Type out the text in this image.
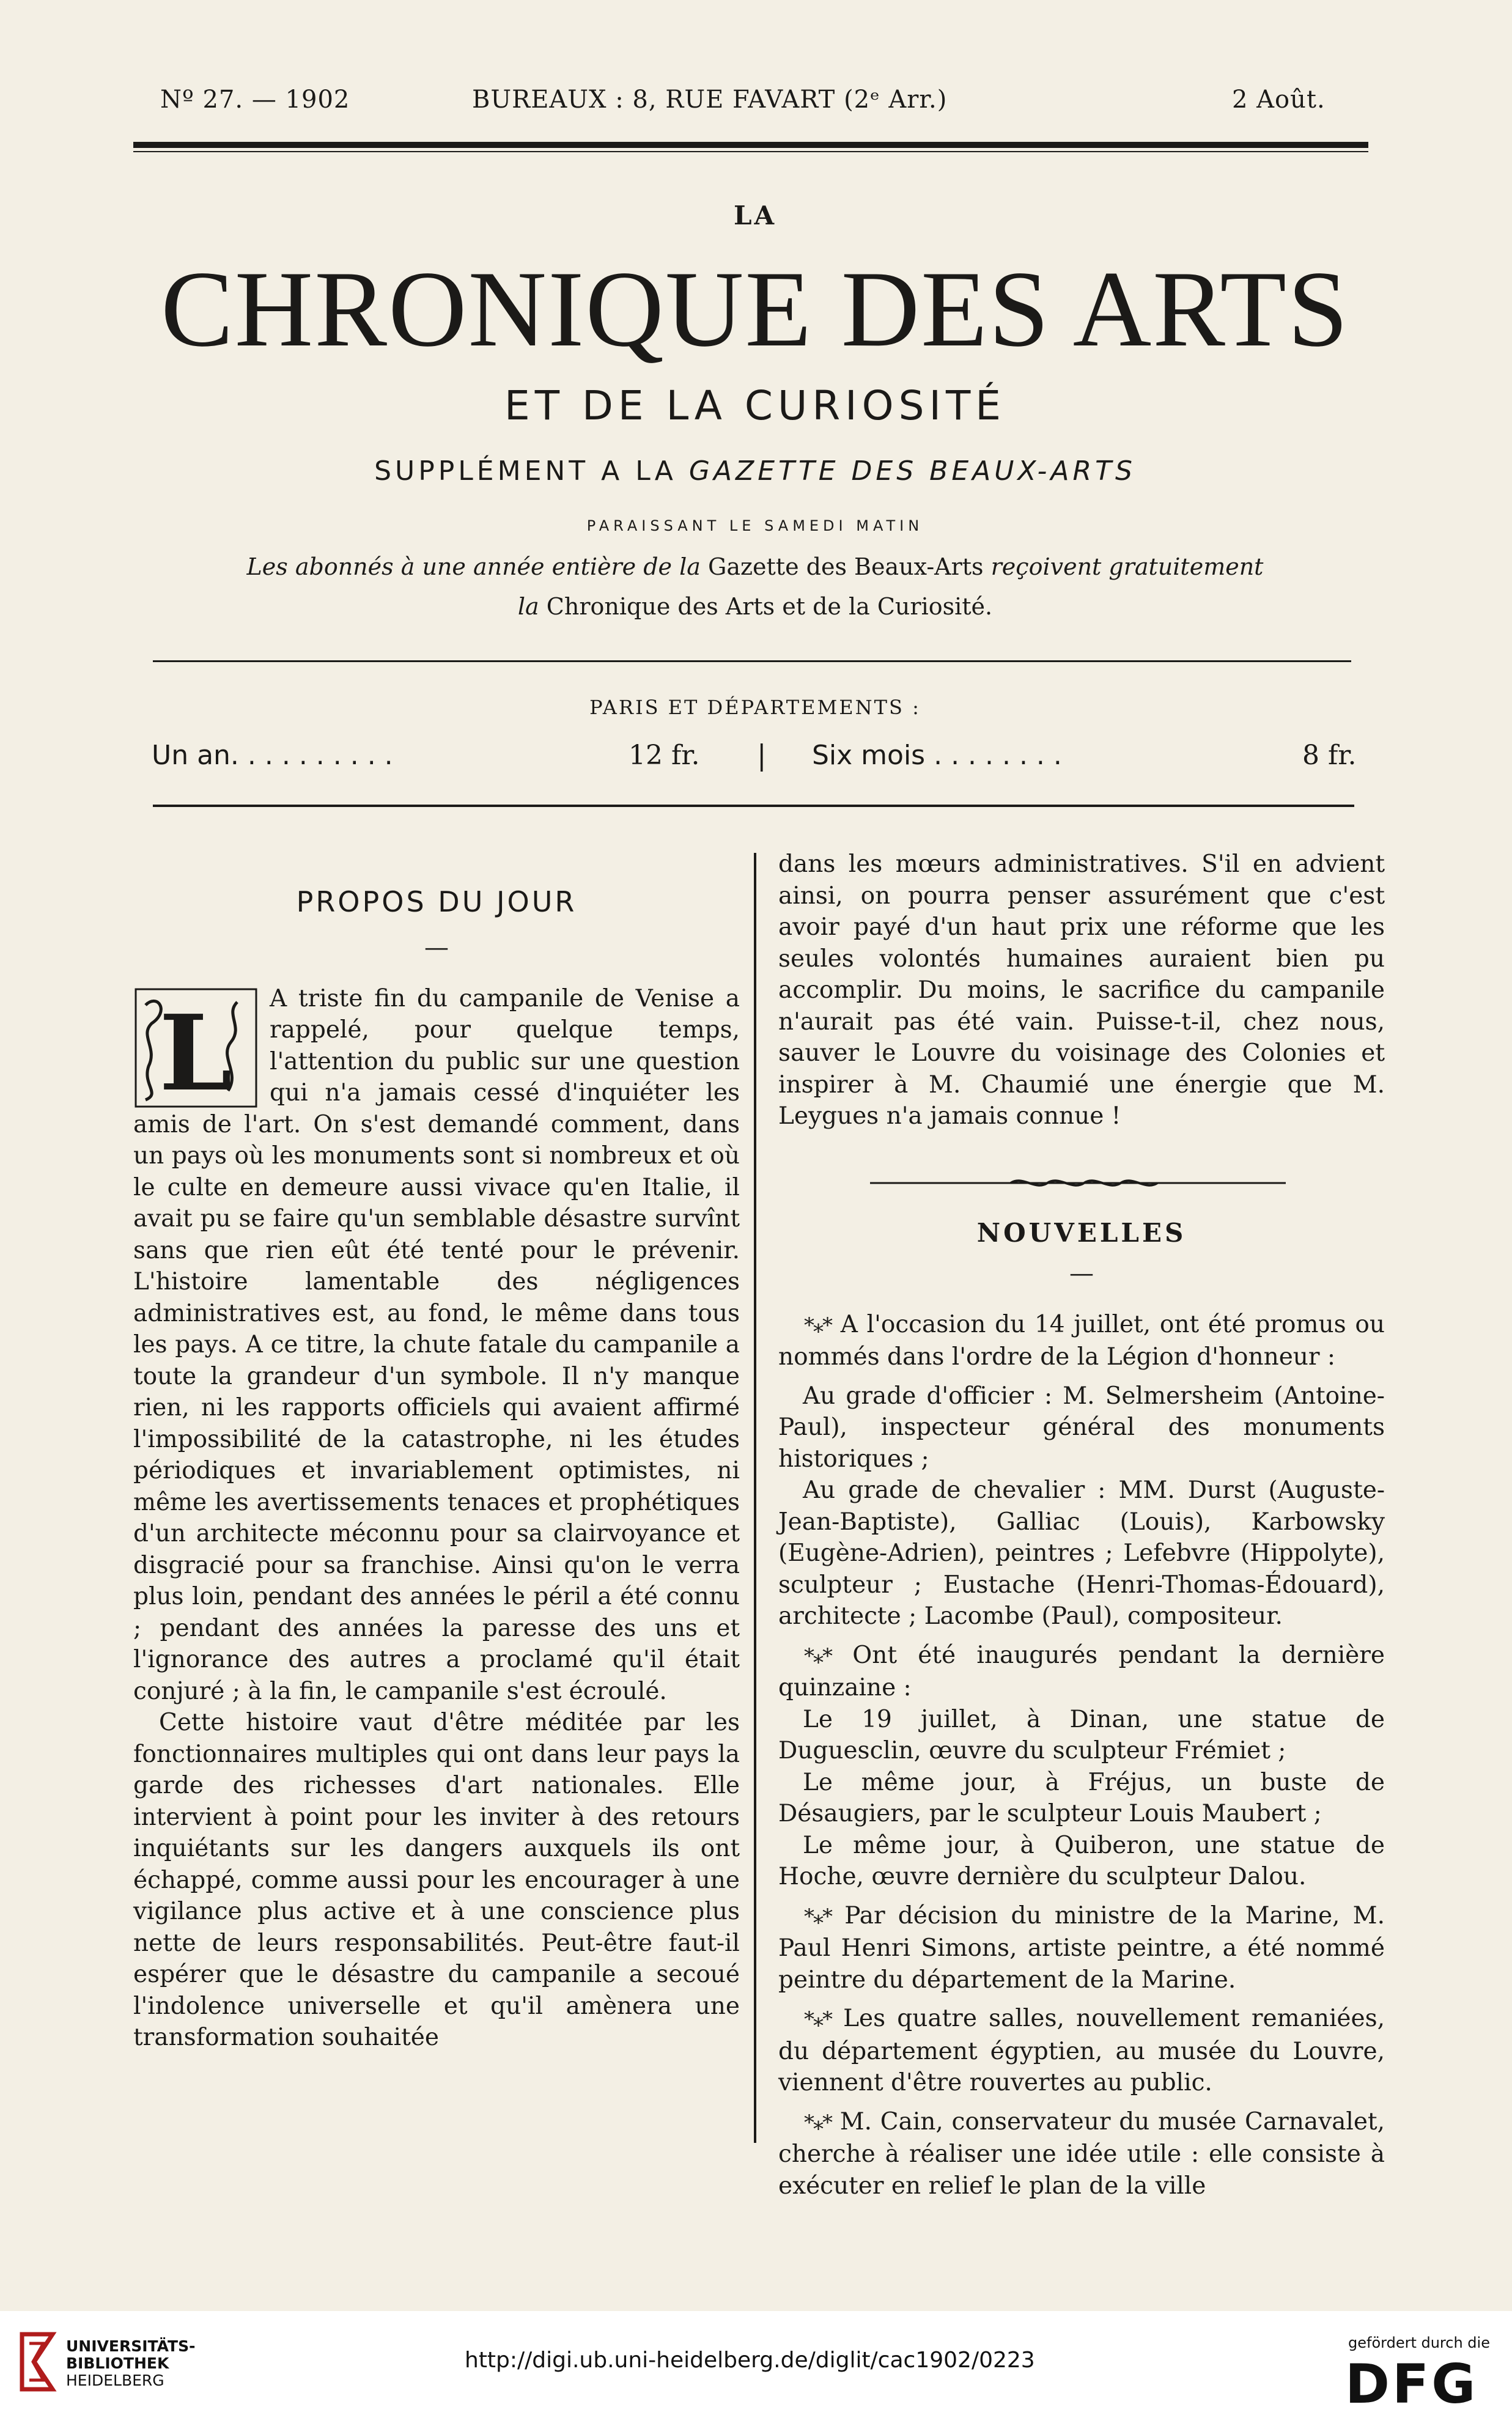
Nº 27. — 1902	BUREAUX : 8, RUE FAVART (2ᵉ Arr.)	2 Août.
LA
CHRONIQUE DES ARTS
ET DE LA CURIOSITÉ
SUPPLÉMENT A LA GAZETTE DES BEAUX-ARTS
PARAISSANT LE SAMEDI MATIN
Les abonnés à une année entière de la Gazette des Beaux-Arts reçoivent gratuitement
la Chronique des Arts et de la Curiosité.
PARIS ET DÉPARTEMENTS :
Un an. . . . . . . . . .	12 fr. | Six mois . . . . . . . .	8 fr.
PROPOS DU JOUR
—

L A triste fin du campanile de Venise a rappelé, pour quelque temps, l'attention du public sur une question qui n'a jamais cessé d'inquiéter les amis de l'art. On s'est demandé comment, dans un pays où les monuments sont si nombreux et où le culte en demeure aussi vivace qu'en Italie, il avait pu se faire qu'un semblable désastre survînt sans que rien eût été tenté pour le prévenir. L'histoire lamentable des négligences administratives est, au fond, le même dans tous les pays. A ce titre, la chute fatale du campanile a toute la grandeur d'un symbole. Il n'y manque rien, ni les rapports officiels qui avaient affirmé l'impossibilité de la catastrophe, ni les études périodiques et invariablement optimistes, ni même les avertissements tenaces et prophétiques d'un architecte méconnu pour sa clairvoyance et disgracié pour sa franchise. Ainsi qu'on le verra plus loin, pendant des années le péril a été connu ; pendant des années la paresse des uns et l'ignorance des autres a proclamé qu'il était conjuré ; à la fin, le campanile s'est écroulé.

Cette histoire vaut d'être méditée par les fonctionnaires multiples qui ont dans leur pays la garde des richesses d'art nationales. Elle intervient à point pour les inviter à des retours inquiétants sur les dangers auxquels ils ont échappé, comme aussi pour les encourager à une vigilance plus active et à une conscience plus nette de leurs responsabilités. Peut-être faut-il espérer que le désastre du campanile a secoué l'indolence universelle et qu'il amènera une transformation souhaitée

dans les mœurs administratives. S'il en advient ainsi, on pourra penser assurément que c'est avoir payé d'un haut prix une réforme que les seules volontés humaines auraient bien pu accomplir. Du moins, le sacrifice du campanile n'aurait pas été vain. Puisse-t-il, chez nous, sauver le Louvre du voisinage des Colonies et inspirer à M. Chaumié une énergie que M. Leygues n'a jamais connue !

NOUVELLES
—

*⁎* A l'occasion du 14 juillet, ont été promus ou nommés dans l'ordre de la Légion d'honneur :

Au grade d'officier : M. Selmersheim (Antoine-Paul), inspecteur général des monuments historiques ;

Au grade de chevalier : MM. Durst (Auguste-Jean-Baptiste), Galliac (Louis), Karbowsky (Eugène-Adrien), peintres ; Lefebvre (Hippolyte), sculpteur ; Eustache (Henri-Thomas-Édouard), architecte ; Lacombe (Paul), compositeur.

*⁎* Ont été inaugurés pendant la dernière quinzaine :

Le 19 juillet, à Dinan, une statue de Duguesclin, œuvre du sculpteur Frémiet ;

Le même jour, à Fréjus, un buste de Désaugiers, par le sculpteur Louis Maubert ;

Le même jour, à Quiberon, une statue de Hoche, œuvre dernière du sculpteur Dalou.

*⁎* Par décision du ministre de la Marine, M. Paul Henri Simons, artiste peintre, a été nommé peintre du département de la Marine.

*⁎* Les quatre salles, nouvellement remaniées, du département égyptien, au musée du Louvre, viennent d'être rouvertes au public.

*⁎* M. Cain, conservateur du musée Carnavalet, cherche à réaliser une idée utile : elle consiste à exécuter en relief le plan de la ville

UNIVERSITÄTS-
BIBLIOTHEK
HEIDELBERG
http://digi.ub.uni-heidelberg.de/diglit/cac1902/0223
gefördert durch die
DFG
